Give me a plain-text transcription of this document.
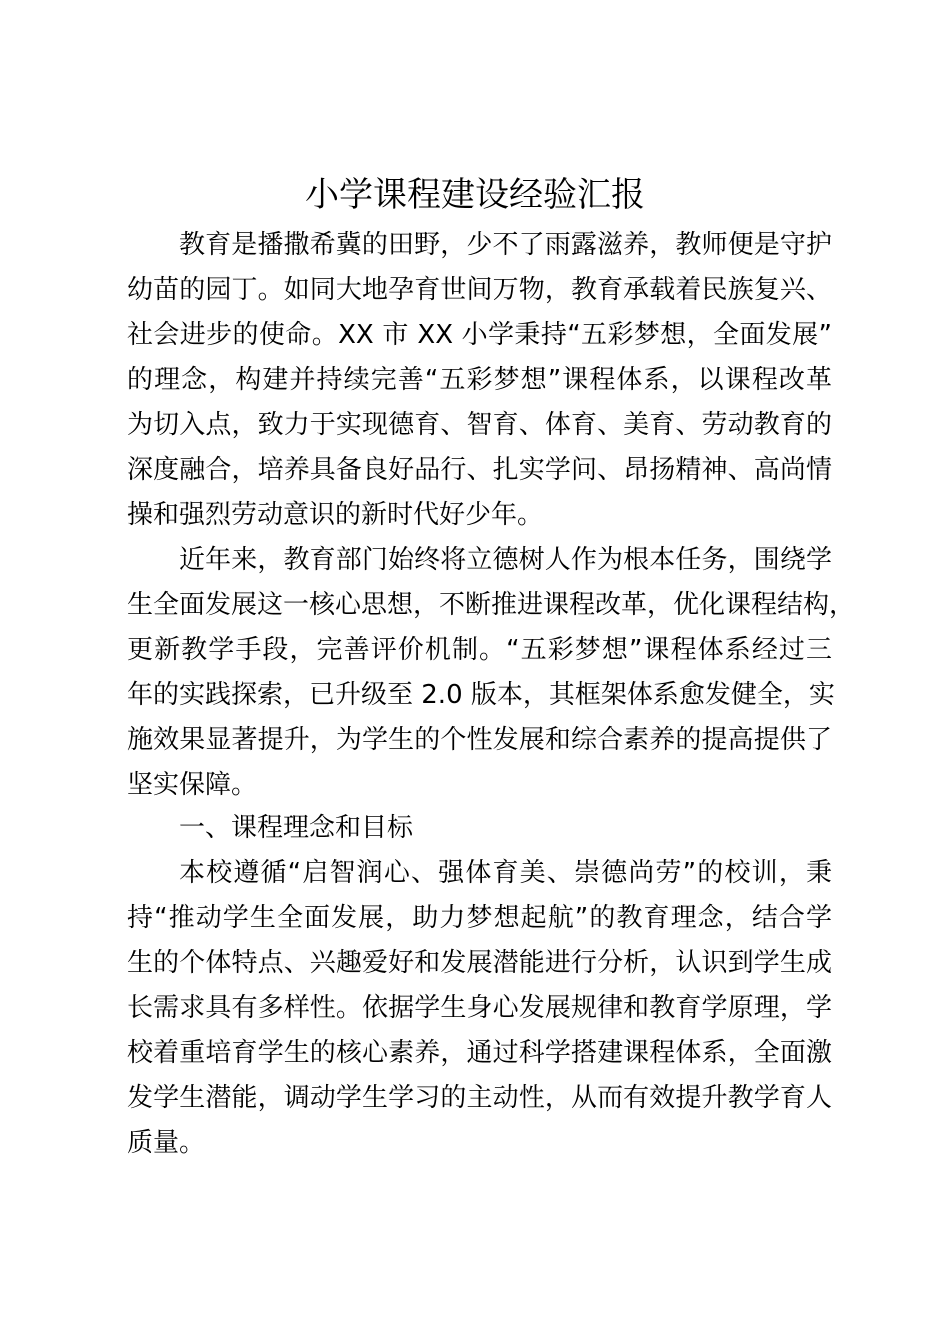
小学课程建设经验汇报

教育是播撒希冀的田野，少不了雨露滋养，教师便是守护

幼苗的园丁。如同大地孕育世间万物，教育承载着民族复兴、

社会进步的使命。XX 市 XX 小学秉持“五彩梦想，全面发展”

的理念，构建并持续完善“五彩梦想”课程体系，以课程改革

为切入点，致力于实现德育、智育、体育、美育、劳动教育的

深度融合，培养具备良好品行、扎实学问、昂扬精神、高尚情

操和强烈劳动意识的新时代好少年。

近年来，教育部门始终将立德树人作为根本任务，围绕学

生全面发展这一核心思想，不断推进课程改革，优化课程结构，

更新教学手段，完善评价机制。“五彩梦想”课程体系经过三

年的实践探索，已升级至 2.0 版本，其框架体系愈发健全，实

施效果显著提升，为学生的个性发展和综合素养的提高提供了

坚实保障。

一、课程理念和目标

本校遵循“启智润心、强体育美、崇德尚劳”的校训，秉

持“推动学生全面发展，助力梦想起航”的教育理念，结合学

生的个体特点、兴趣爱好和发展潜能进行分析，认识到学生成

长需求具有多样性。依据学生身心发展规律和教育学原理，学

校着重培育学生的核心素养，通过科学搭建课程体系，全面激

发学生潜能，调动学生学习的主动性，从而有效提升教学育人

质量。
